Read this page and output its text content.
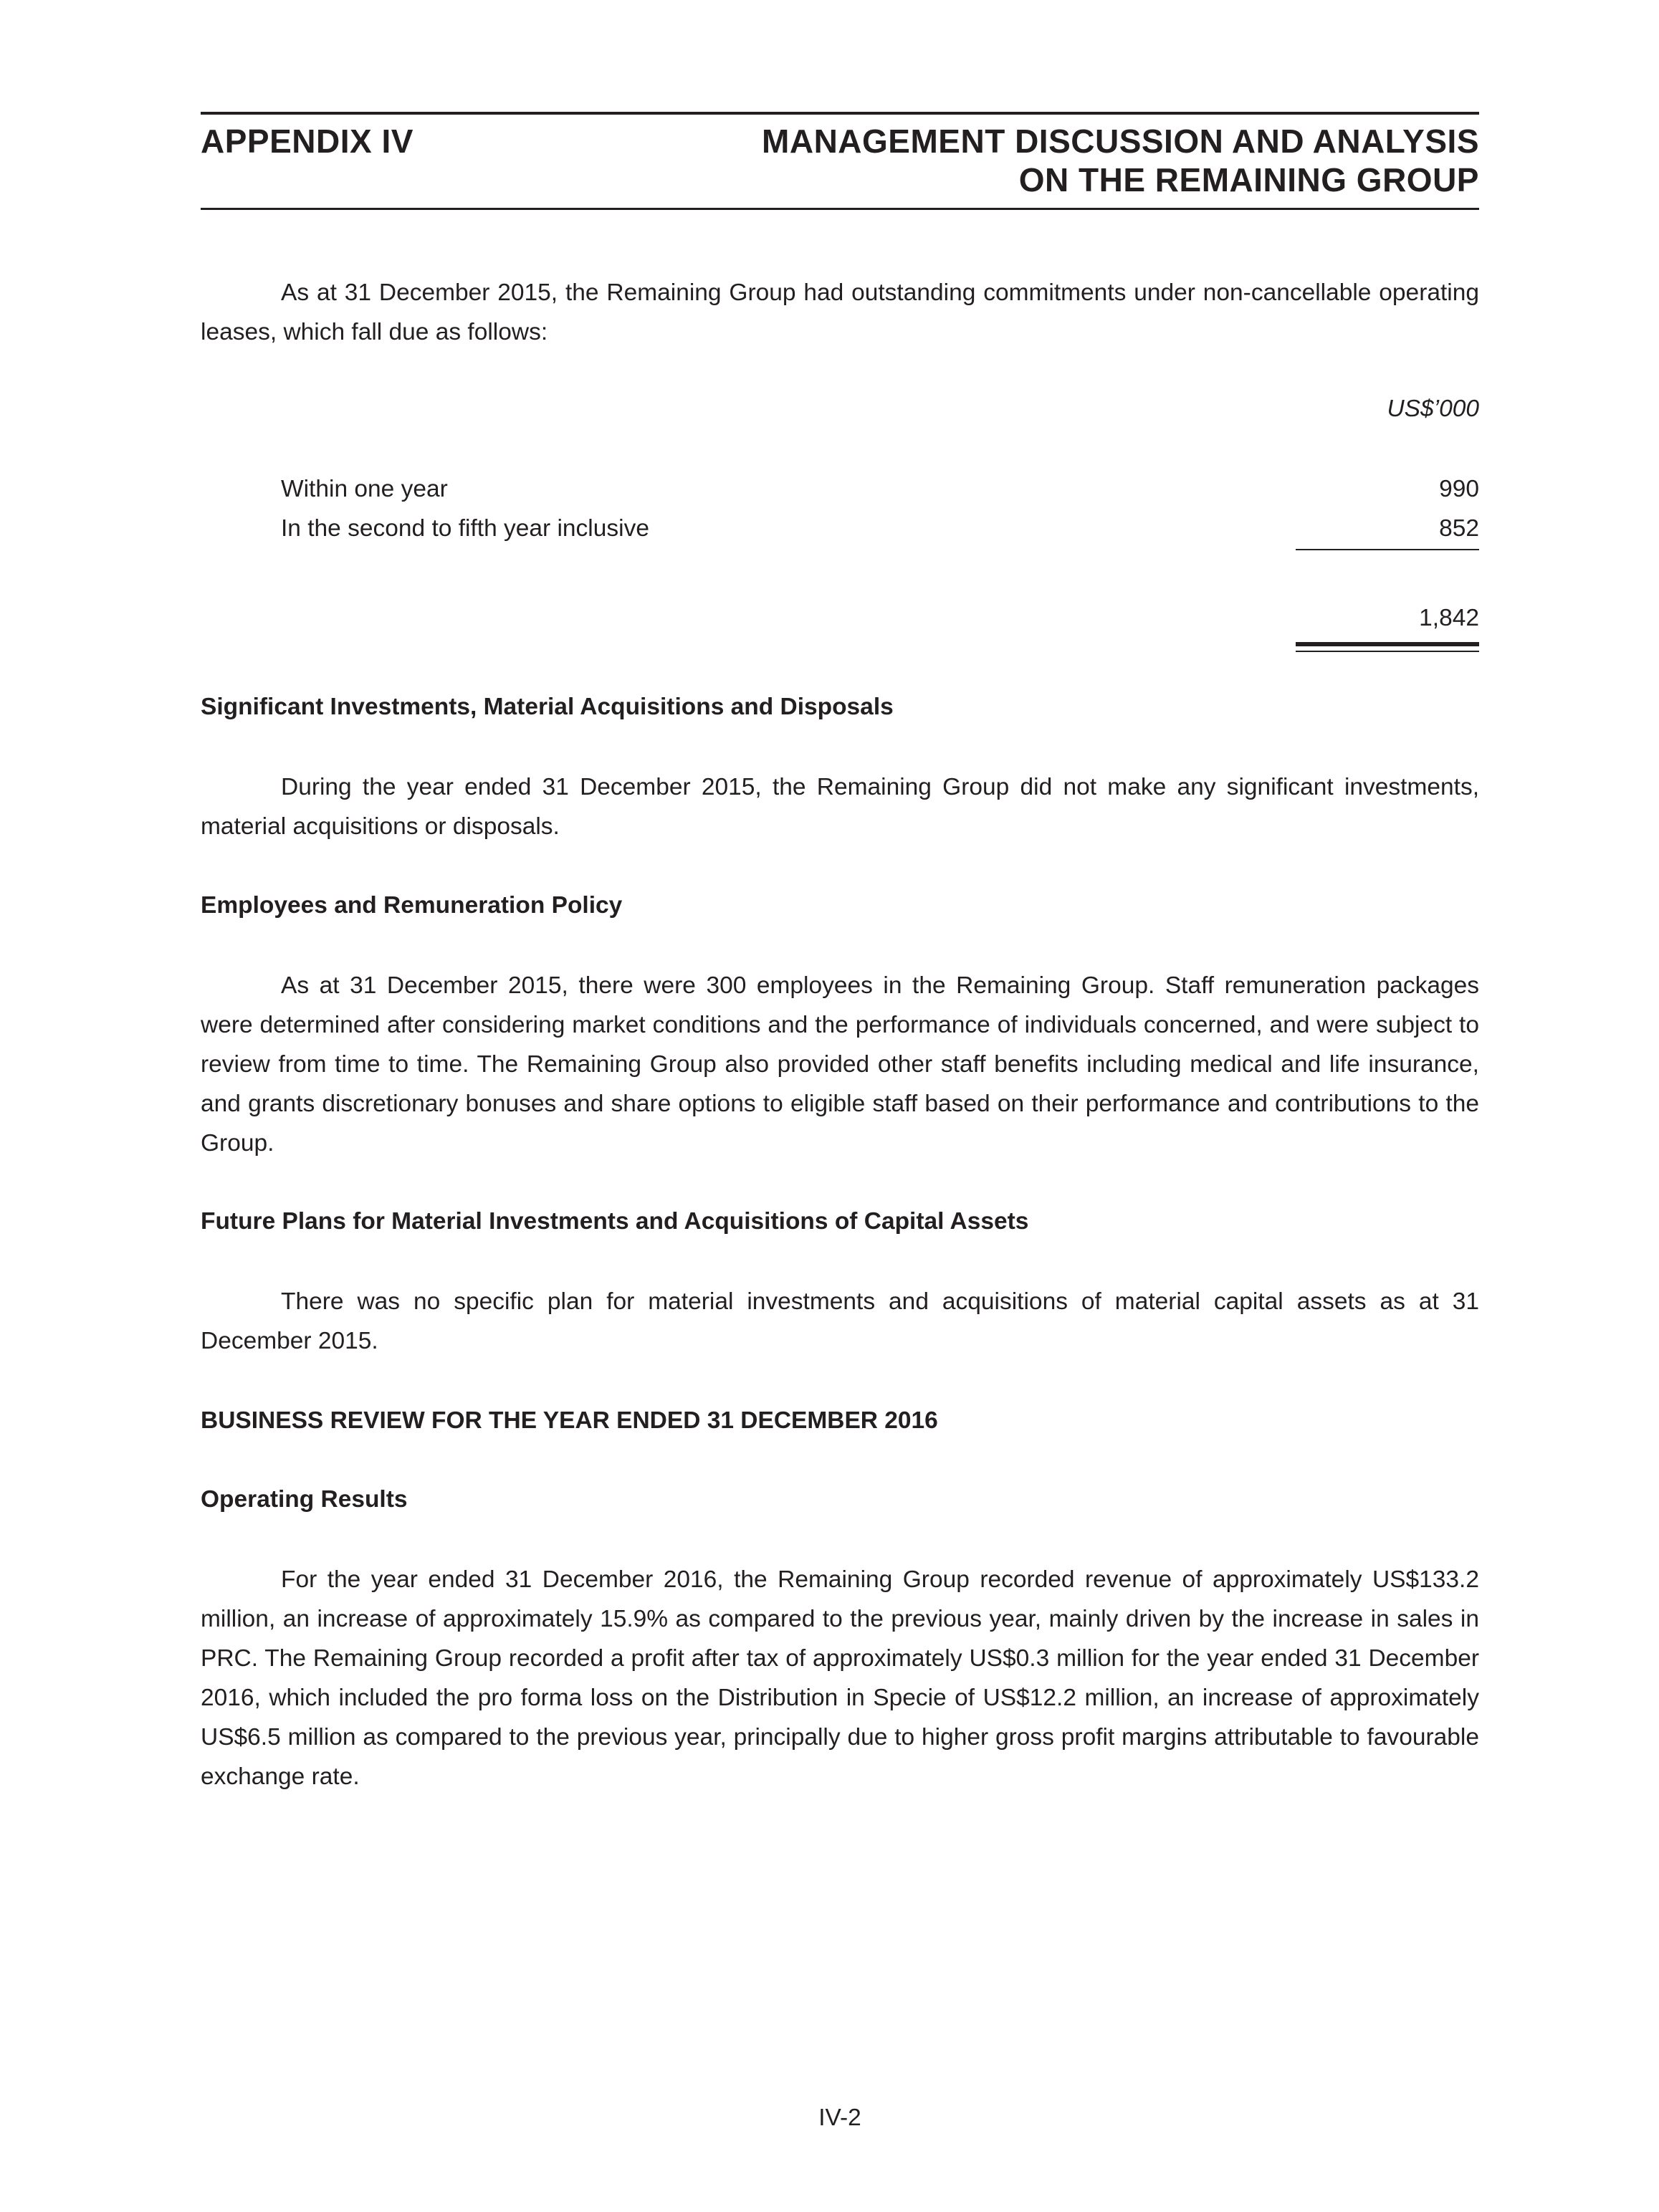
APPENDIX IV	MANAGEMENT DISCUSSION AND ANALYSIS
ON THE REMAINING GROUP

As at 31 December 2015, the Remaining Group had outstanding commitments under non-cancellable operating leases, which fall due as follows:

US$’000
Within one year	990
In the second to fifth year inclusive	852
1,842
Significant Investments, Material Acquisitions and Disposals

During the year ended 31 December 2015, the Remaining Group did not make any significant investments, material acquisitions or disposals.

Employees and Remuneration Policy

As at 31 December 2015, there were 300 employees in the Remaining Group. Staff remuneration packages were determined after considering market conditions and the performance of individuals concerned, and were subject to review from time to time. The Remaining Group also provided other staff benefits including medical and life insurance, and grants discretionary bonuses and share options to eligible staff based on their performance and contributions to the Group.

Future Plans for Material Investments and Acquisitions of Capital Assets

There was no specific plan for material investments and acquisitions of material capital assets as at 31 December 2015.

BUSINESS REVIEW FOR THE YEAR ENDED 31 DECEMBER 2016
Operating Results

For the year ended 31 December 2016, the Remaining Group recorded revenue of approximately US$133.2 million, an increase of approximately 15.9% as compared to the previous year, mainly driven by the increase in sales in PRC. The Remaining Group recorded a profit after tax of approximately US$0.3 million for the year ended 31 December 2016, which included the pro forma loss on the Distribution in Specie of US$12.2 million, an increase of approximately US$6.5 million as compared to the previous year, principally due to higher gross profit margins attributable to favourable exchange rate.

IV-2
